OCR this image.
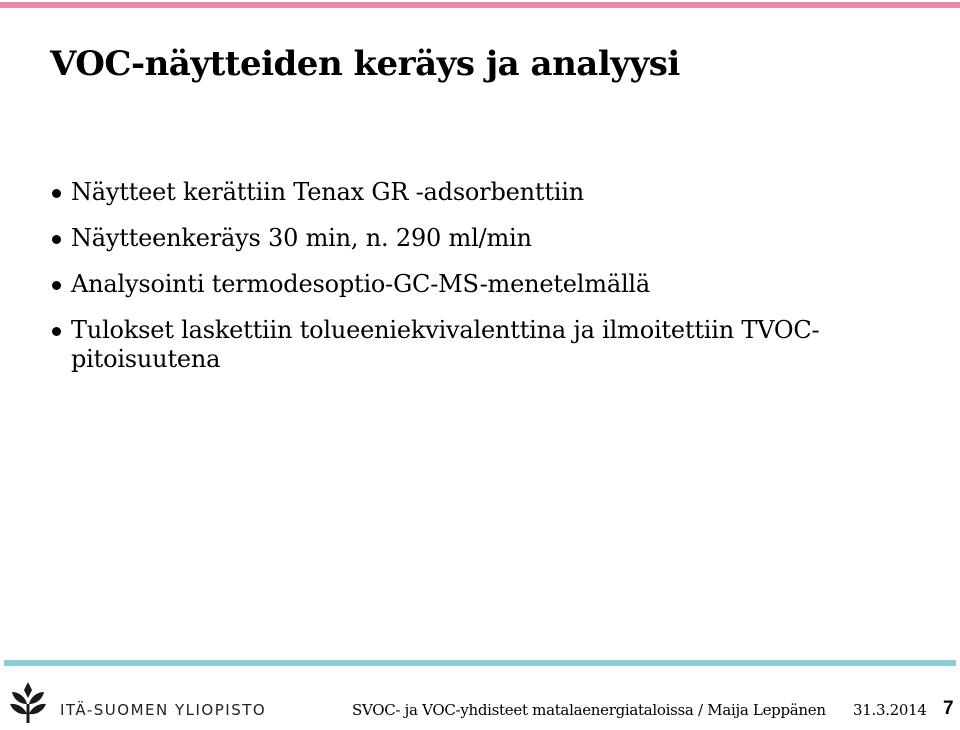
VOC-näytteiden keräys ja analyysi
Näytteet kerättiin Tenax GR -adsorbenttiin
Näytteenkeräys 30 min, n. 290 ml/min
Analysointi termodesoptio-GC-MS-menetelmällä
Tulokset laskettiin tolueeniekvivalenttina ja ilmoitettiin TVOC-pitoisuutena
ITÄ-SUOMEN YLIOPISTO	SVOC- ja VOC-yhdisteet matalaenergiataloissa / Maija Leppänen 31.3.2014 7
